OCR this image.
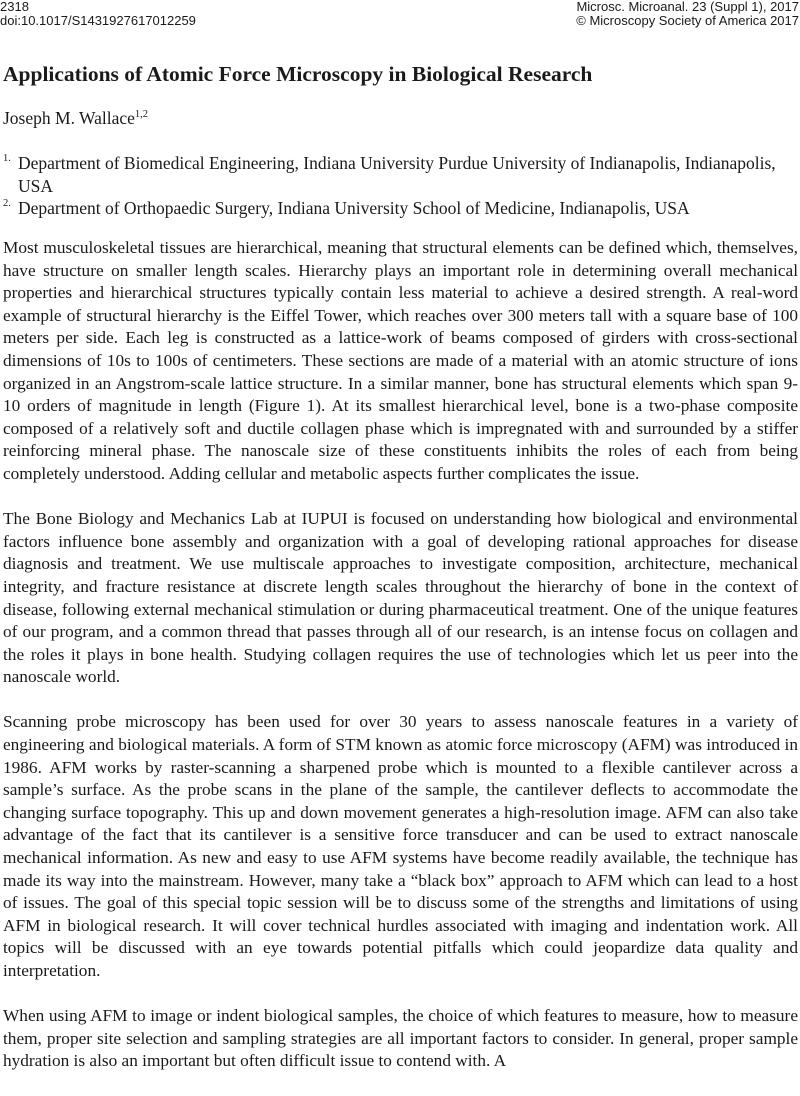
2318
doi:10.1017/S1431927617012259
Microsc. Microanal. 23 (Suppl 1), 2017
© Microscopy Society of America 2017
Applications of Atomic Force Microscopy in Biological Research
Joseph M. Wallace$^{1,2}$
1. Department of Biomedical Engineering, Indiana University Purdue University of Indianapolis, Indianapolis, USA
2. Department of Orthopaedic Surgery, Indiana University School of Medicine, Indianapolis, USA

Most musculoskeletal tissues are hierarchical, meaning that structural elements can be defined which, themselves, have structure on smaller length scales. Hierarchy plays an important role in determining overall mechanical properties and hierarchical structures typically contain less material to achieve a desired strength. A real-word example of structural hierarchy is the Eiffel Tower, which reaches over 300 meters tall with a square base of 100 meters per side. Each leg is constructed as a lattice-work of beams composed of girders with cross-sectional dimensions of 10s to 100s of centimeters. These sections are made of a material with an atomic structure of ions organized in an Angstrom-scale lattice structure. In a similar manner, bone has structural elements which span 9-10 orders of magnitude in length (Figure 1). At its smallest hierarchical level, bone is a two-phase composite composed of a relatively soft and ductile collagen phase which is impregnated with and surrounded by a stiffer reinforcing mineral phase. The nanoscale size of these constituents inhibits the roles of each from being completely understood. Adding cellular and metabolic aspects further complicates the issue.

The Bone Biology and Mechanics Lab at IUPUI is focused on understanding how biological and environmental factors influence bone assembly and organization with a goal of developing rational approaches for disease diagnosis and treatment. We use multiscale approaches to investigate composition, architecture, mechanical integrity, and fracture resistance at discrete length scales throughout the hierarchy of bone in the context of disease, following external mechanical stimulation or during pharmaceutical treatment. One of the unique features of our program, and a common thread that passes through all of our research, is an intense focus on collagen and the roles it plays in bone health. Studying collagen requires the use of technologies which let us peer into the nanoscale world.

Scanning probe microscopy has been used for over 30 years to assess nanoscale features in a variety of engineering and biological materials. A form of STM known as atomic force microscopy (AFM) was introduced in 1986. AFM works by raster-scanning a sharpened probe which is mounted to a flexible cantilever across a sample’s surface. As the probe scans in the plane of the sample, the cantilever deflects to accommodate the changing surface topography. This up and down movement generates a high-resolution image. AFM can also take advantage of the fact that its cantilever is a sensitive force transducer and can be used to extract nanoscale mechanical information. As new and easy to use AFM systems have become readily available, the technique has made its way into the mainstream. However, many take a “black box” approach to AFM which can lead to a host of issues. The goal of this special topic session will be to discuss some of the strengths and limitations of using AFM in biological research. It will cover technical hurdles associated with imaging and indentation work. All topics will be discussed with an eye towards potential pitfalls which could jeopardize data quality and interpretation.

When using AFM to image or indent biological samples, the choice of which features to measure, how to measure them, proper site selection and sampling strategies are all important factors to consider. In general, proper sample hydration is also an important but often difficult issue to contend with. A
